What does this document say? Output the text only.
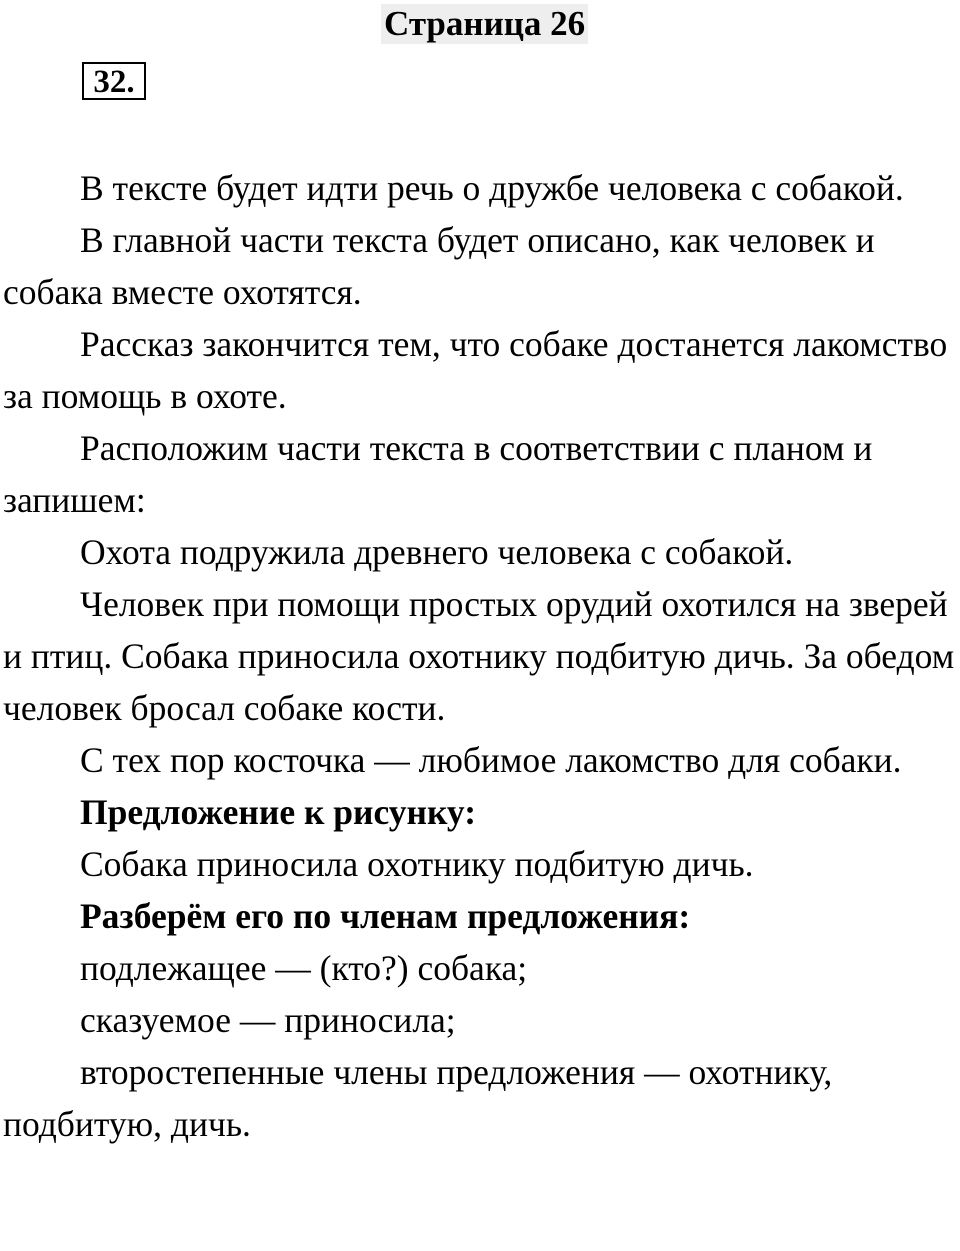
Страница 26
32.

В тексте будет идти речь о дружбе человека с собакой.

В главной части текста будет описано, как человек и собака вместе охотятся.

Рассказ закончится тем, что собаке достанется лакомство за помощь в охоте.

Расположим части текста в соответствии с планом и запишем:

Охота подружила древнего человека с собакой.

Человек при помощи простых орудий охотился на зверей и птиц. Собака приносила охотнику подбитую дичь. За обедом человек бросал собаке кости.

С тех пор косточка — любимое лакомство для собаки.

Предложение к рисунку:

Собака приносила охотнику подбитую дичь.

Разберём его по членам предложения:

подлежащее — (кто?) собака;

сказуемое — приносила;

второстепенные члены предложения — охотнику, подбитую, дичь.
